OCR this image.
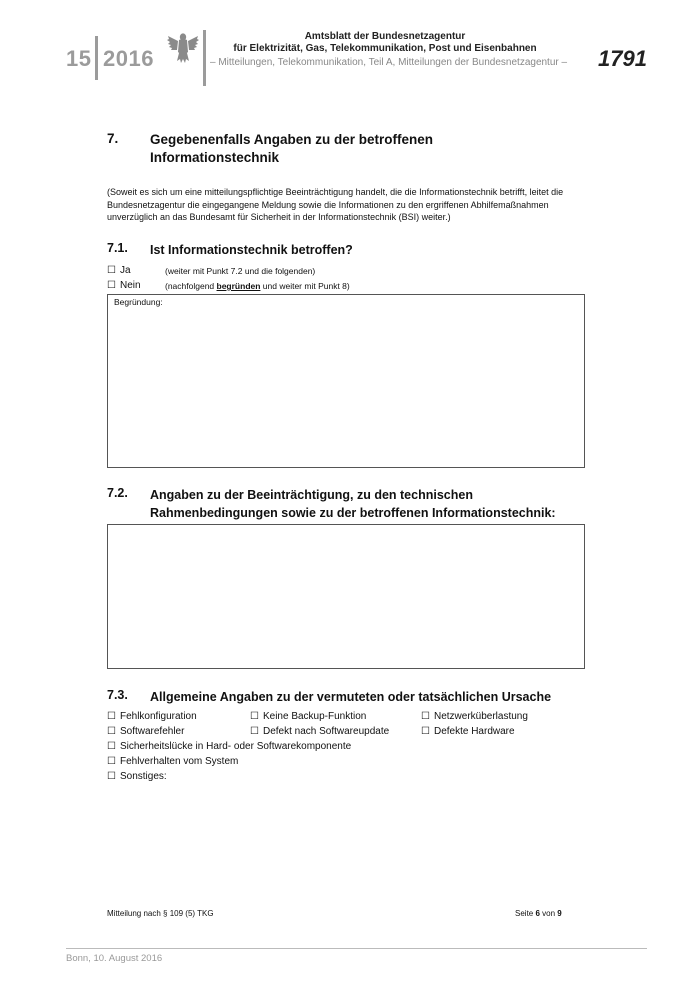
15 2016
Amtsblatt der Bundesnetzagentur
für Elektrizität, Gas, Telekommunikation, Post und Eisenbahnen
– Mitteilungen, Telekommunikation, Teil A, Mitteilungen der Bundesnetzagentur – 1791
7. Gegebenenfalls Angaben zu der betroffenen
Informationstechnik
(Soweit es sich um eine mitteilungspflichtige Beeinträchtigung handelt, die die Informationstechnik betrifft, leitet die
Bundesnetzagentur die eingegangene Meldung sowie die Informationen zu den ergriffenen Abhilfemaßnahmen
unverzüglich an das Bundesamt für Sicherheit in der Informationstechnik (BSI) weiter.)
7.1. Ist Informationstechnik betroffen?
☐ Ja	(weiter mit Punkt 7.2 und die folgenden)
☐ Nein	(nachfolgend begründen und weiter mit Punkt 8)
Begründung:
7.2. Angaben zu der Beeinträchtigung, zu den technischen
Rahmenbedingungen sowie zu der betroffenen Informationstechnik:
7.3. Allgemeine Angaben zu der vermuteten oder tatsächlichen Ursache
☐ Fehlkonfiguration	☐ Keine Backup-Funktion	☐ Netzwerküberlastung
☐ Softwarefehler	☐ Defekt nach Softwareupdate	☐ Defekte Hardware
☐ Sicherheitslücke in Hard- oder Softwarekomponente
☐ Fehlverhalten vom System
☐ Sonstiges:
Mitteilung nach § 109 (5) TKG	Seite 6 von 9
Bonn, 10. August 2016
